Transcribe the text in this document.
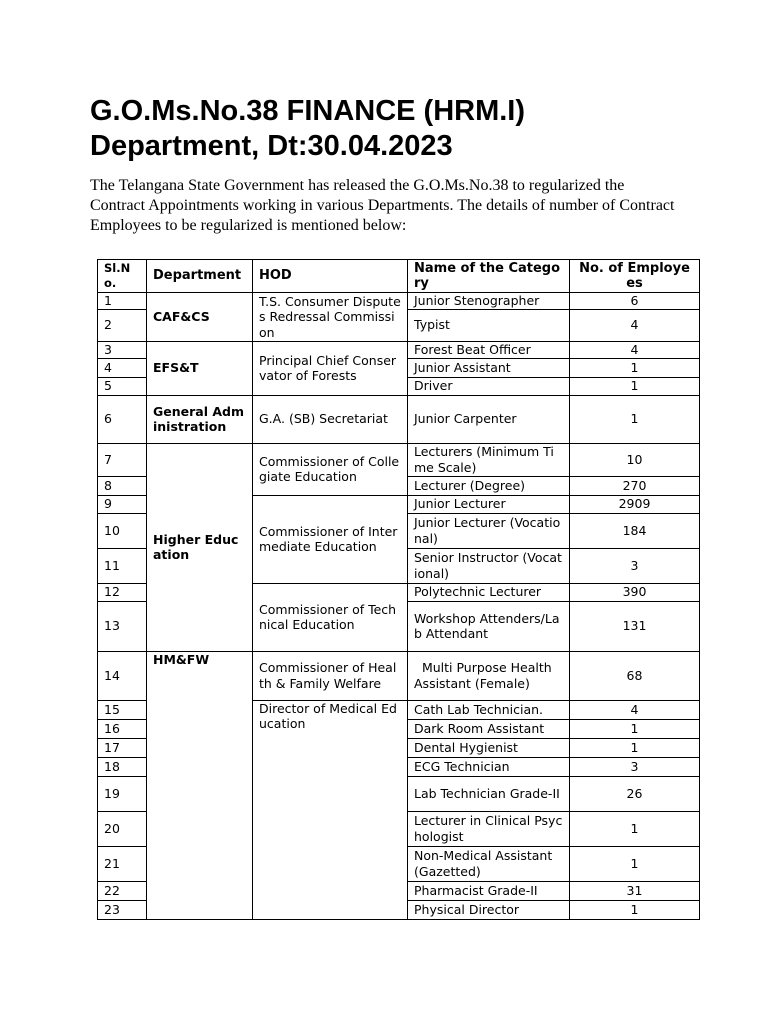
G.O.Ms.No.38 FINANCE (HRM.I) Department, Dt:30.04.2023

The Telangana State Government has released the G.O.Ms.No.38 to regularized the Contract Appointments working in various Departments. The details of number of Contract Employees to be regularized is mentioned below:

Sl.No.	Department	HOD	Name of the Category	No. of Employees
1	CAF&CS	T.S. Consumer Disputes Redressal Commission	Junior Stenographer	6
2			Typist	4
3	EFS&T	Principal Chief Conservator of Forests	Forest Beat Officer	4
4			Junior Assistant	1
5			Driver	1
6	General Administration	G.A. (SB) Secretariat	Junior Carpenter	1
7	Higher Education	Commissioner of Collegiate Education	Lecturers (Minimum Time Scale)	10
8			Lecturer (Degree)	270
9		Commissioner of Intermediate Education	Junior Lecturer	2909
10			Junior Lecturer (Vocational)	184
11			Senior Instructor (Vocational)	3
12		Commissioner of Technical Education	Polytechnic Lecturer	390
13			Workshop Attenders/Lab Attendant	131
14	HM&FW	Commissioner of Health & Family Welfare	Multi Purpose Health Assistant (Female)	68
15		Director of Medical Education	Cath Lab Technician.	4
16			Dark Room Assistant	1
17			Dental Hygienist	1
18			ECG Technician	3
19			Lab Technician Grade-II	26
20			Lecturer in Clinical Psychologist	1
21			Non-Medical Assistant (Gazetted)	1
22			Pharmacist Grade-II	31
23			Physical Director	1
